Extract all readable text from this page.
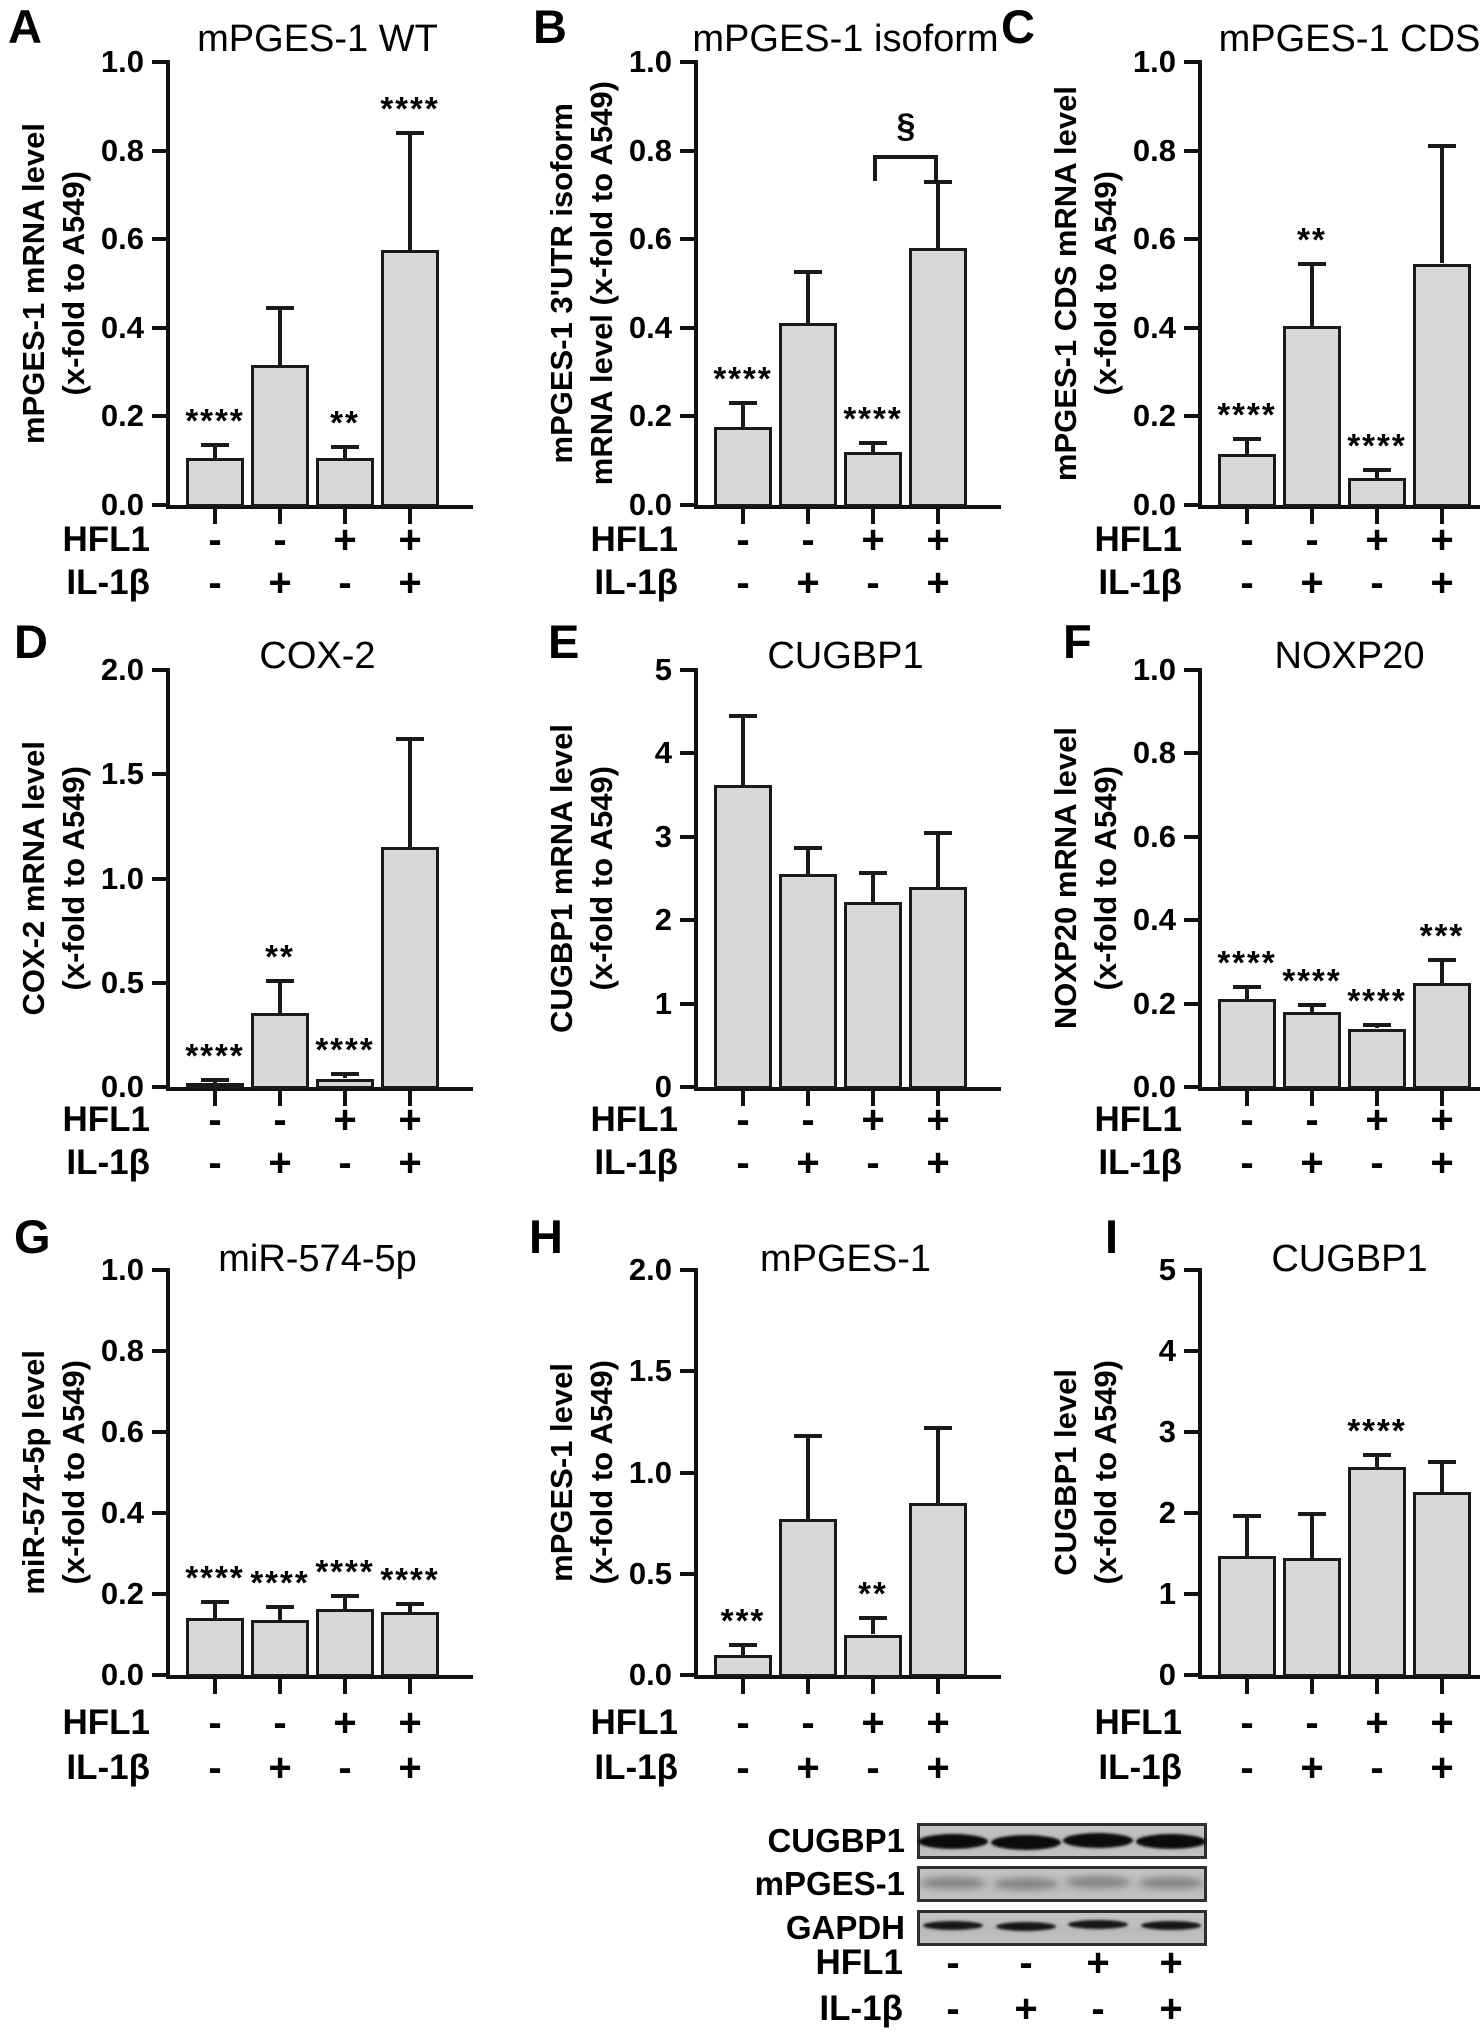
A	mPGES-1 WT
mPGES-1 mRNA level (x-fold to A549)
0.0
0.2
0.4
0.6
0.8
1.0
****	**
****
HFL1	-	-	+	+
IL-1β	-	+	-	+
B	mPGES-1 isoform
mPGES-1 3'UTR isoform mRNA level (x-fold to A549)
0.0
0.2
0.4
0.6
0.8
1.0
****
****
§
HFL1	-	-	+	+
IL-1β	-	+	-	+
C	mPGES-1 CDS
mPGES-1 CDS mRNA level (x-fold to A549)
0.0
0.2
0.4
0.6
0.8
1.0
****
**
****
HFL1	-	-	+	+
IL-1β	-	+	-	+
D	COX-2
COX-2 mRNA level (x-fold to A549)
0.0
0.5
1.0
1.5
2.0
****
**
****
HFL1	-	-	+	+
IL-1β	-	+	-	+
E	CUGBP1
CUGBP1 mRNA level (x-fold to A549)
0
1
2
3
4
5
HFL1	-	-	+	+
IL-1β	-	+	-	+
F	NOXP20
NOXP20 mRNA level (x-fold to A549)
0.0
0.2
0.4
0.6
0.8
1.0
**** ****
****
***
HFL1	-	-	+	+
IL-1β	-	+	-	+
G	miR-574-5p
miR-574-5p level (x-fold to A549)
0.0
0.2
0.4
0.6
0.8
1.0
**** **** **** ****
HFL1	-	-	+	+
IL-1β	-	+	-	+
H	mPGES-1
mPGES-1 level (x-fold to A549)
0.0
0.5
1.0
1.5
2.0
***
**
HFL1	-	-	+	+
IL-1β	-	+	-	+
I	CUGBP1
CUGBP1 level (x-fold to A549)
0
1
2
3
4
5
****
HFL1	-	-	+	+
IL-1β	-	+	-	+
CUGBP1
mPGES-1
GAPDH
HFL1	-	-	+	+
IL-1β	-	+	-	+
